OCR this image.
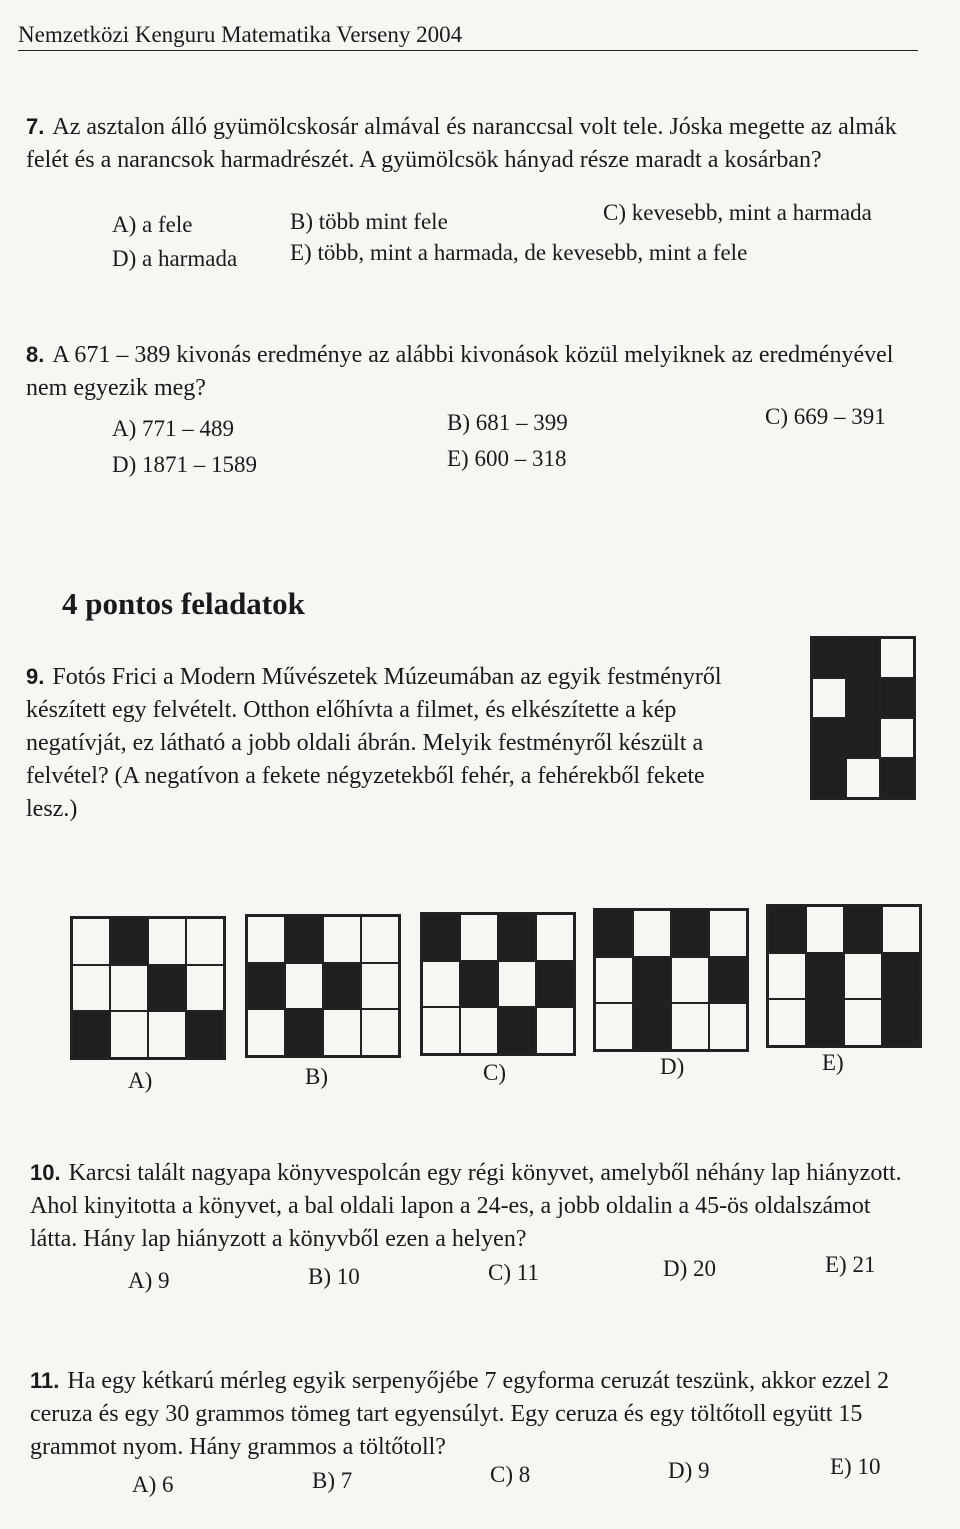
Nemzetközi Kenguru Matematika Verseny 2004
7. Az asztalon álló gyümölcskosár almával és naranccsal volt tele. Jóska megette az almák felét és a narancsok harmadrészét. A gyümölcsök hányad része maradt a kosárban?
A) a fele	B) több mint fele	C) kevesebb, mint a harmada
D) a harmada E) több, mint a harmada, de kevesebb, mint a fele
8. A 671 – 389 kivonás eredménye az alábbi kivonások közül melyiknek az eredményével nem egyezik meg?
A) 771 – 489	B) 681 – 399	C) 669 – 391
D) 1871 – 1589	E) 600 – 318
4 pontos feladatok
9. Fotós Frici a Modern Művészetek Múzeumában az egyik festményről készített egy felvételt. Otthon előhívta a filmet, és elkészítette a kép negatívját, ez látható a jobb oldali ábrán. Melyik festményről készült a felvétel? (A negatívon a fekete négyzetekből fehér, a fehérekből fekete lesz.)
A)	B)	C)	D)	E)
10. Karcsi talált nagyapa könyvespolcán egy régi könyvet, amelyből néhány lap hiányzott. Ahol kinyitotta a könyvet, a bal oldali lapon a 24-es, a jobb oldalin a 45-ös oldalszámot látta. Hány lap hiányzott a könyvből ezen a helyen?
A) 9	B) 10	C) 11	D) 20	E) 21
11. Ha egy kétkarú mérleg egyik serpenyőjébe 7 egyforma ceruzát teszünk, akkor ezzel 2 ceruza és egy 30 grammos tömeg tart egyensúlyt. Egy ceruza és egy töltőtoll együtt 15 grammot nyom. Hány grammos a töltőtoll?
A) 6	B) 7	C) 8	D) 9	E) 10
